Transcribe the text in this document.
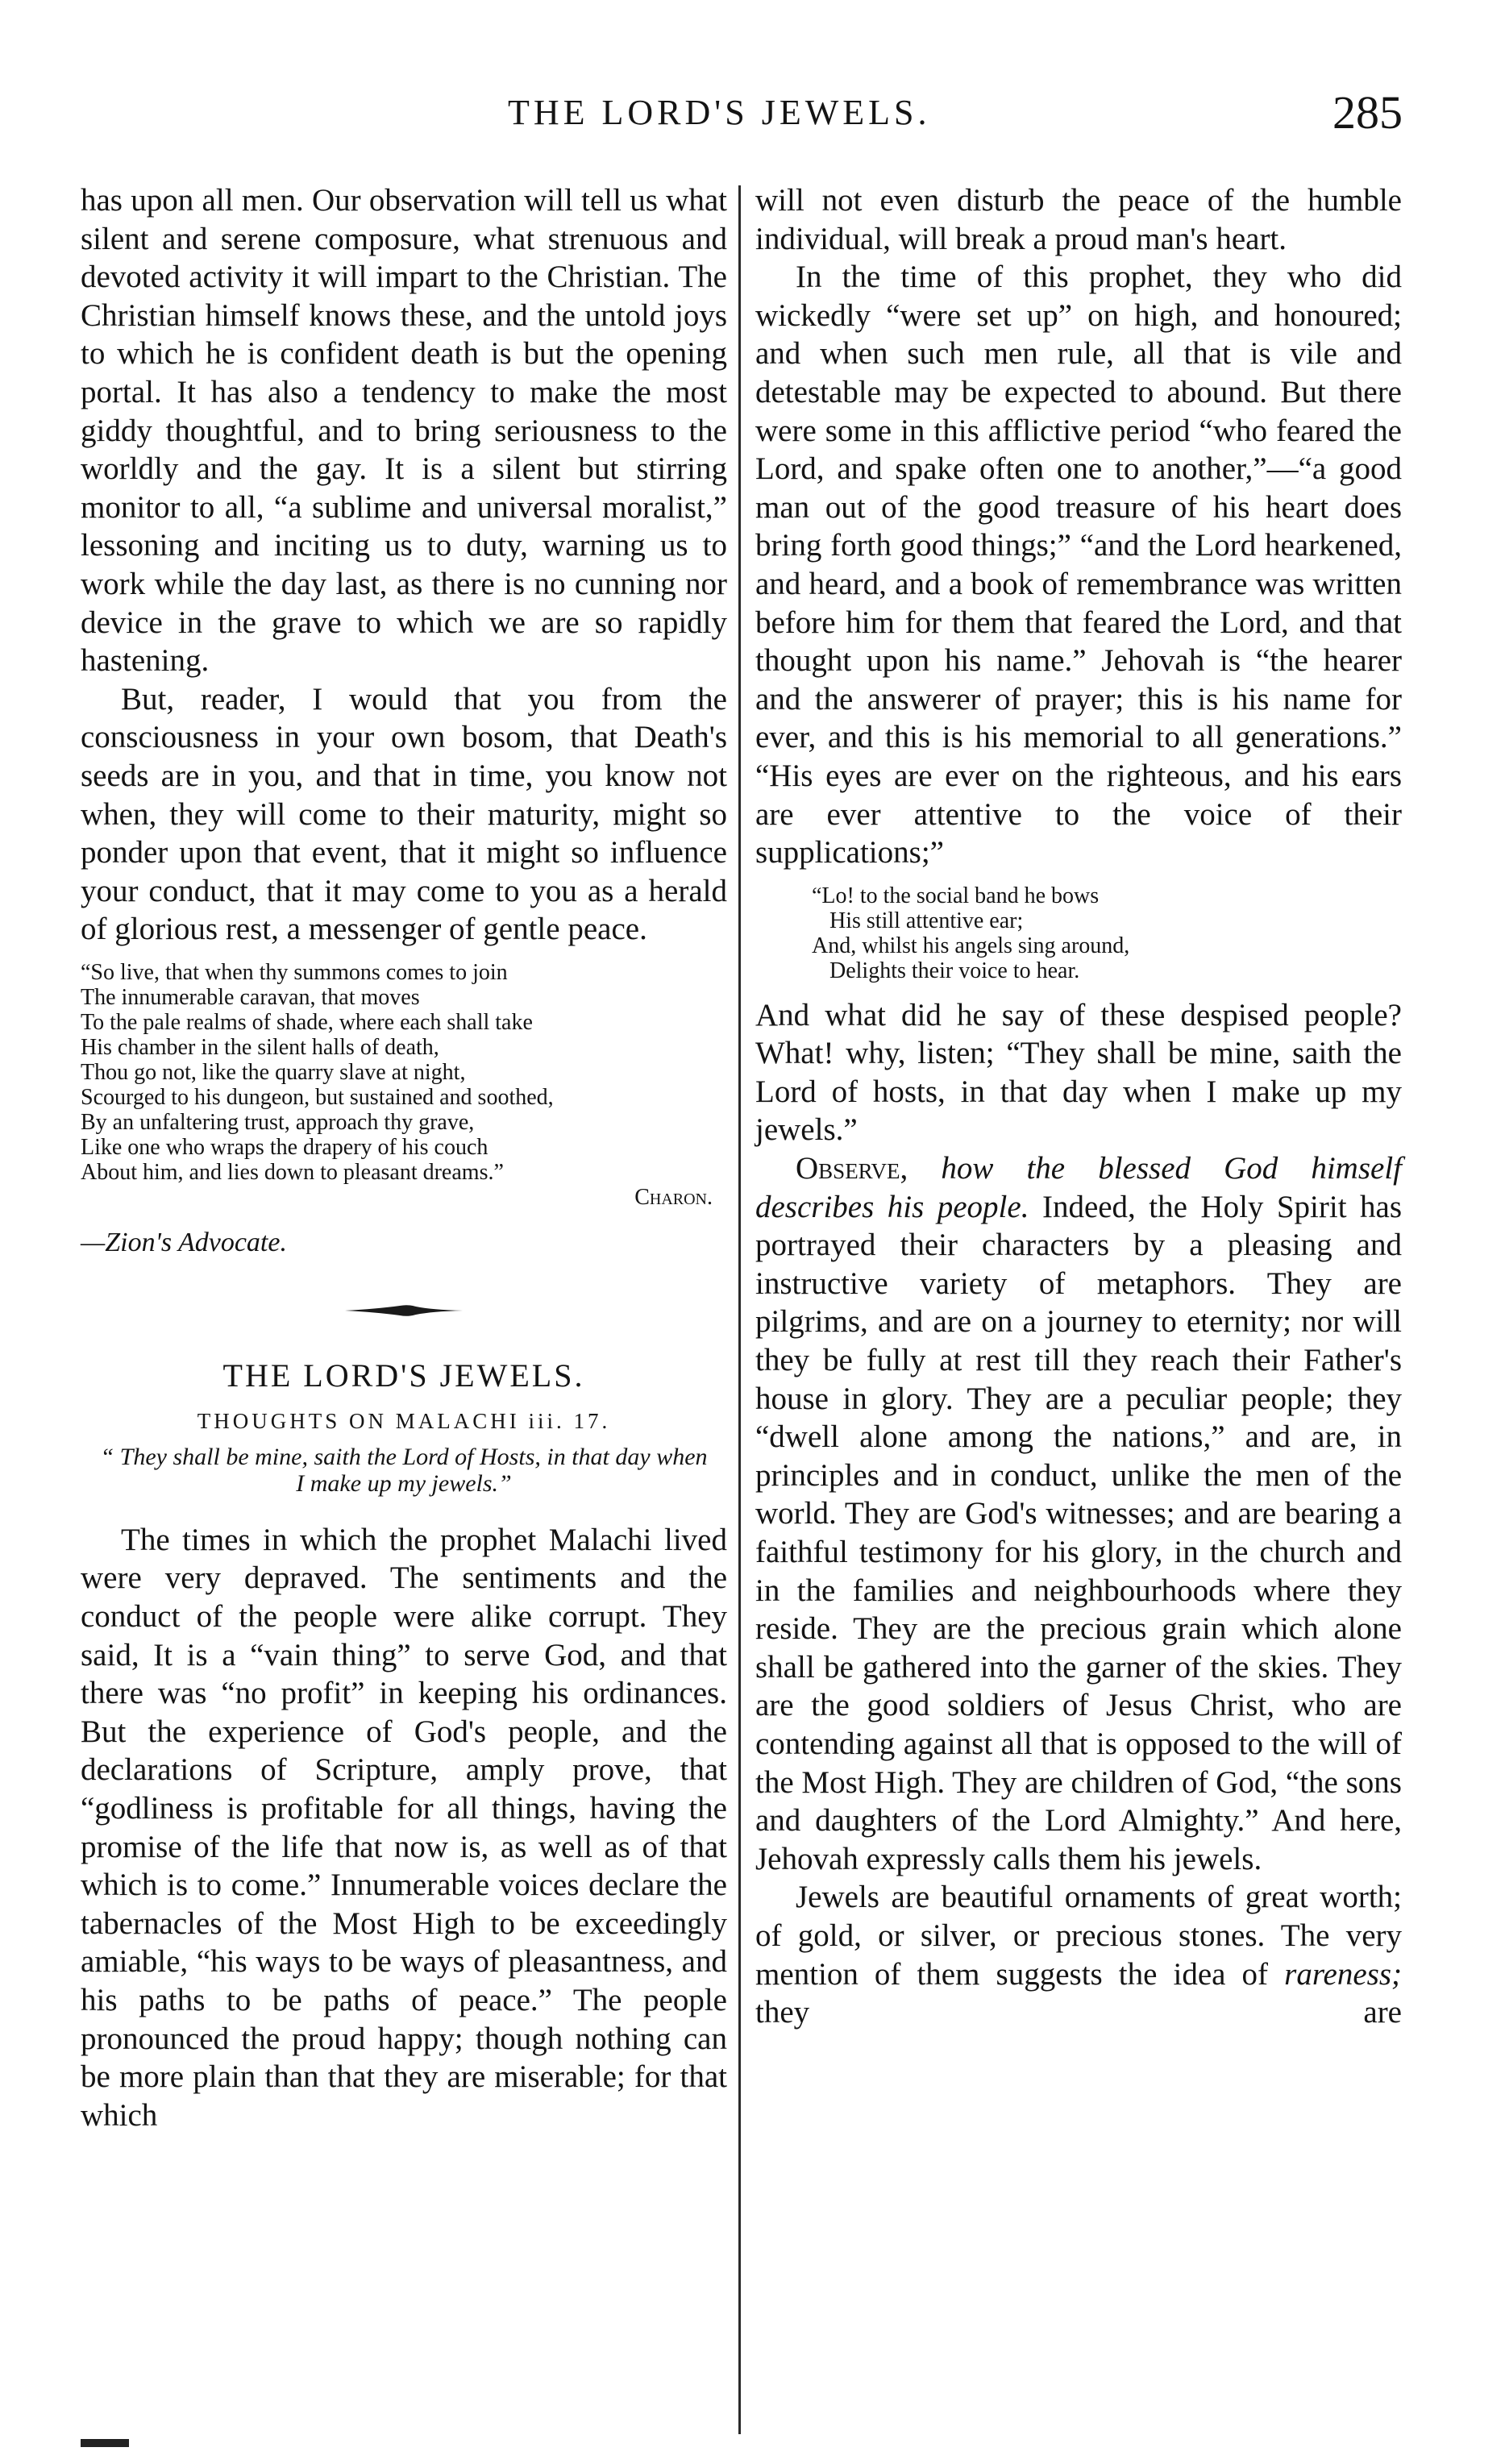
THE LORD'S JEWELS.	285

has upon all men. Our observation will tell us what silent and serene composure, what strenuous and devoted activity it will impart to the Christian. The Christian himself knows these, and the untold joys to which he is confident death is but the opening portal. It has also a tendency to make the most giddy thoughtful, and to bring seriousness to the worldly and the gay. It is a silent but stirring monitor to all, “a sublime and universal moralist,” lessoning and inciting us to duty, warning us to work while the day last, as there is no cunning nor device in the grave to which we are so rapidly hastening.

But, reader, I would that you from the consciousness in your own bosom, that Death's seeds are in you, and that in time, you know not when, they will come to their maturity, might so ponder upon that event, that it might so influence your conduct, that it may come to you as a herald of glorious rest, a messenger of gentle peace.

“So live, that when thy summons comes to join
The innumerable caravan, that moves
To the pale realms of shade, where each shall take
His chamber in the silent halls of death,
Thou go not, like the quarry slave at night,
Scourged to his dungeon, but sustained and soothed,
By an unfaltering trust, approach thy grave,
Like one who wraps the drapery of his couch
About him, and lies down to pleasant dreams.”
Charon.
—Zion's Advocate.
THE LORD'S JEWELS.
THOUGHTS ON MALACHI iii. 17.
“ They shall be mine, saith the Lord of Hosts, in that day when I make up my jewels.”

The times in which the prophet Malachi lived were very depraved. The sentiments and the conduct of the people were alike corrupt. They said, It is a “vain thing” to serve God, and that there was “no profit” in keeping his ordinances. But the experience of God's people, and the declarations of Scripture, amply prove, that “godliness is profitable for all things, having the promise of the life that now is, as well as of that which is to come.” Innumerable voices declare the tabernacles of the Most High to be exceedingly amiable, “his ways to be ways of pleasantness, and his paths to be paths of peace.” The people pronounced the proud happy; though nothing can be more plain than that they are miserable; for that which

will not even disturb the peace of the humble individual, will break a proud man's heart.

In the time of this prophet, they who did wickedly “were set up” on high, and honoured; and when such men rule, all that is vile and detestable may be expected to abound. But there were some in this afflictive period “who feared the Lord, and spake often one to another,”—“a good man out of the good treasure of his heart does bring forth good things;” “and the Lord hearkened, and heard, and a book of remembrance was written before him for them that feared the Lord, and that thought upon his name.” Jehovah is “the hearer and the answerer of prayer; this is his name for ever, and this is his memorial to all generations.” “His eyes are ever on the righteous, and his ears are ever attentive to the voice of their supplications;”

“Lo! to the social band he bows
His still attentive ear;
And, whilst his angels sing around,
Delights their voice to hear.

And what did he say of these despised people? What! why, listen; “They shall be mine, saith the Lord of hosts, in that day when I make up my jewels.”

Observe, how the blessed God himself describes his people. Indeed, the Holy Spirit has portrayed their characters by a pleasing and instructive variety of metaphors. They are pilgrims, and are on a journey to eternity; nor will they be fully at rest till they reach their Father's house in glory. They are a peculiar people; they “dwell alone among the nations,” and are, in principles and in conduct, unlike the men of the world. They are God's witnesses; and are bearing a faithful testimony for his glory, in the church and in the families and neighbourhoods where they reside. They are the precious grain which alone shall be gathered into the garner of the skies. They are the good soldiers of Jesus Christ, who are contending against all that is opposed to the will of the Most High. They are children of God, “the sons and daughters of the Lord Almighty.” And here, Jehovah expressly calls them his jewels.

Jewels are beautiful ornaments of great worth; of gold, or silver, or precious stones. The very mention of them suggests the idea of rareness; they are
